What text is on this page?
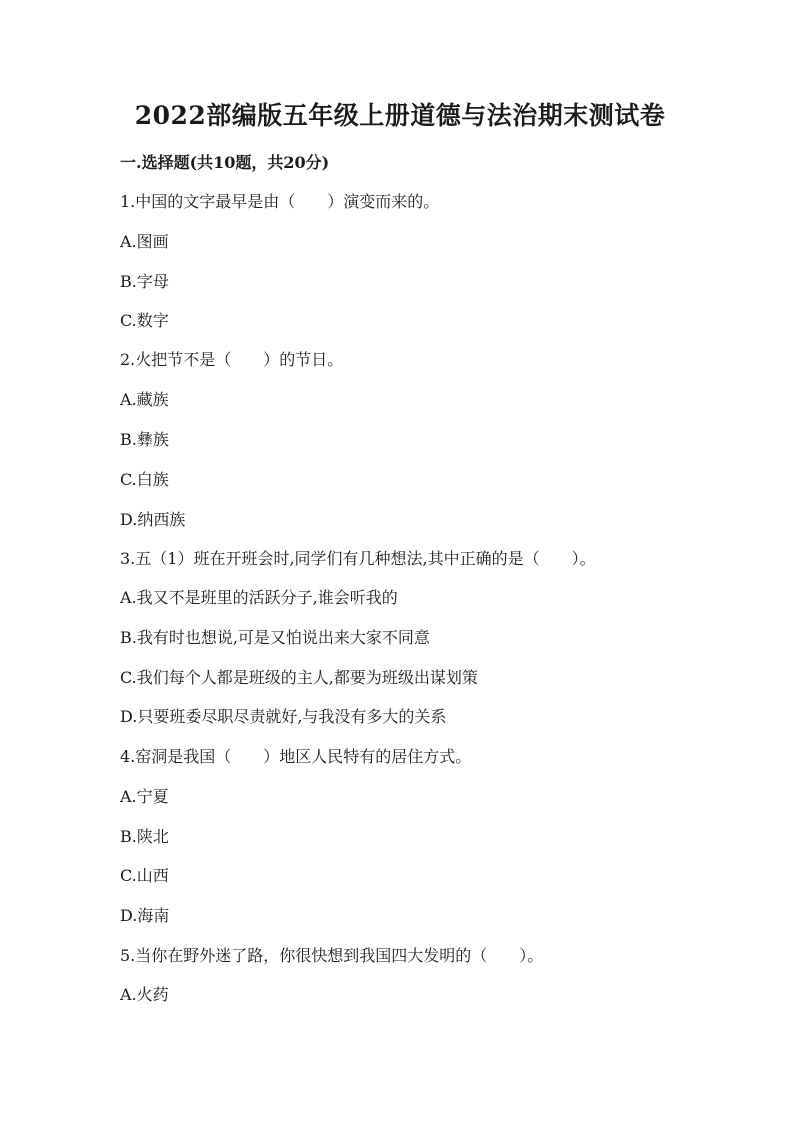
2022部编版五年级上册道德与法治期末测试卷
一.选择题(共10题，共20分)
1.中国的文字最早是由（　　）演变而来的。
A.图画
B.字母
C.数字
2.火把节不是（　　）的节日。
A.藏族
B.彝族
C.白族
D.纳西族
3.五（1）班在开班会时,同学们有几种想法,其中正确的是（　　）。
A.我又不是班里的活跃分子,谁会听我的
B.我有时也想说,可是又怕说出来大家不同意
C.我们每个人都是班级的主人,都要为班级出谋划策
D.只要班委尽职尽责就好,与我没有多大的关系
4.窑洞是我国（　　）地区人民特有的居住方式。
A.宁夏
B.陕北
C.山西
D.海南
5.当你在野外迷了路，你很快想到我国四大发明的（　　）。
A.火药
